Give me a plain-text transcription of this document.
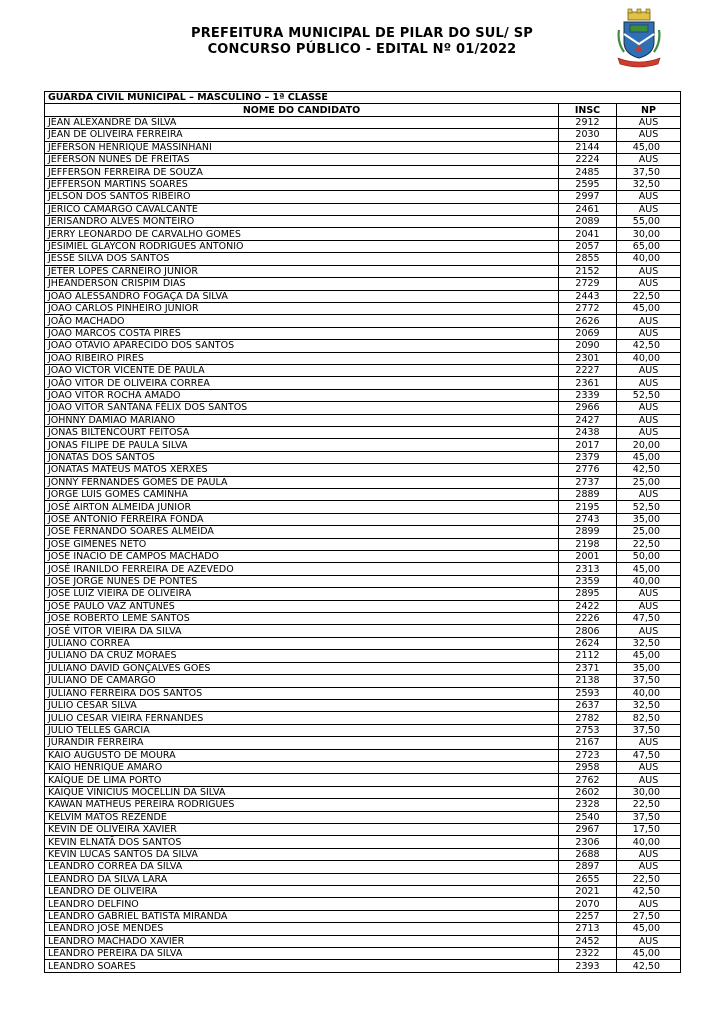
PREFEITURA MUNICIPAL DE PILAR DO SUL/ SP
CONCURSO PÚBLICO - EDITAL Nº 01/2022
GUARDA CIVIL MUNICIPAL – MASCULINO – 1ª CLASSE		
NOME DO CANDIDATO	INSC	NP
JEAN ALEXANDRE DA SILVA	2912	AUS
JEAN DE OLIVEIRA FERREIRA	2030	AUS
JEFERSON HENRIQUE MASSINHANI	2144	45,00
JEFERSON NUNES DE FREITAS	2224	AUS
JEFFERSON FERREIRA DE SOUZA	2485	37,50
JEFFERSON MARTINS SOARES	2595	32,50
JELSON DOS SANTOS RIBEIRO	2997	AUS
JERICÓ CAMARGO CAVALCANTE	2461	AUS
JERISANDRO ALVES MONTEIRO	2089	55,00
JERRY LEONARDO DE CARVALHO GOMES	2041	30,00
JESIMIEL GLAYCON RODRIGUES ANTÔNIO	2057	65,00
JESSÉ SILVA DOS SANTOS	2855	40,00
JETER LOPES CARNEIRO JUNIOR	2152	AUS
JHEANDERSON CRISPIM DIAS	2729	AUS
JOÃO ALESSANDRO FOGAÇA DA SILVA	2443	22,50
JOÃO CARLOS PINHEIRO JUNIOR	2772	45,00
JOÃO MACHADO	2626	AUS
JOÃO MARCOS COSTA PIRES	2069	AUS
JOÃO OTÁVIO APARECIDO DOS SANTOS	2090	42,50
JOAO RIBEIRO PIRES	2301	40,00
JOAO VICTOR VICENTE DE PAULA	2227	AUS
JOÃO VITOR DE OLIVEIRA CORREA	2361	AUS
JOÃO VITOR ROCHA AMADO	2339	52,50
JOÃO VITOR SANTANA FÉLIX DOS SANTOS	2966	AUS
JOHNNY DAMIÃO MARIANO	2427	AUS
JONAS BILTENCOURT FEITOSA	2438	AUS
JONAS FILIPE DE PAULA SILVA	2017	20,00
JONATAS DOS SANTOS	2379	45,00
JONATAS MATEUS MATOS XERXES	2776	42,50
JONNY FERNANDES GOMES DE PAULA	2737	25,00
JORGE LUIS GOMES CAMINHA	2889	AUS
JOSÉ AIRTON ALMEIDA JUNIOR	2195	52,50
JOSÉ ANTÔNIO FERREIRA FONDA	2743	35,00
JOSÉ FERNANDO SOARES ALMEIDA	2899	25,00
JOSÉ GIMENES NETO	2198	22,50
JOSÉ INACIO DE CAMPOS MACHADO	2001	50,00
JOSÉ IRANILDO FERREIRA DE AZEVEDO	2313	45,00
JOSE JORGE NUNES DE PONTES	2359	40,00
JOSE LUIZ VIEIRA DE OLIVEIRA	2895	AUS
JOSÉ PAULO VAZ ANTUNES	2422	AUS
JOSE ROBERTO LEME SANTOS	2226	47,50
JOSÉ VITOR VIEIRA DA SILVA	2806	AUS
JULIANO CORREA	2624	32,50
JULIANO DA CRUZ MORAES	2112	45,00
JULIANO DAVID GONÇALVES GÓES	2371	35,00
JULIANO DE CAMARGO	2138	37,50
JULIANO FERREIRA DOS SANTOS	2593	40,00
JULIO CESAR SILVA	2637	32,50
JULIO CESAR VIEIRA FERNANDES	2782	82,50
JULIO TELLES GARCIA	2753	37,50
JURANDIR FERREIRA	2167	AUS
KAIO AUGUSTO DE MOURA	2723	47,50
KAIO HENRIQUE AMARO	2958	AUS
KAÍQUE DE LIMA PORTO	2762	AUS
KAIQUE VINICIUS MOCELLIN DA SILVA	2602	30,00
KAWAN MATHEUS PEREIRA RODRIGUES	2328	22,50
KELVIM MATOS REZENDE	2540	37,50
KEVIN DE OLIVEIRA XAVIER	2967	17,50
KEVIN ELNATÃ DOS SANTOS	2306	40,00
KEVIN LUCAS SANTOS DA SILVA	2688	AUS
LEANDRO CORREA DA SILVA	2897	AUS
LEANDRO DA SILVA LARA	2655	22,50
LEANDRO DE OLIVEIRA	2021	42,50
LEANDRO DELFINO	2070	AUS
LEANDRO GABRIEL BATISTA MIRANDA	2257	27,50
LEANDRO JOSÉ MENDES	2713	45,00
LEANDRO MACHADO XAVIER	2452	AUS
LEANDRO PEREIRA DA SILVA	2322	45,00
LEANDRO SOARES	2393	42,50
